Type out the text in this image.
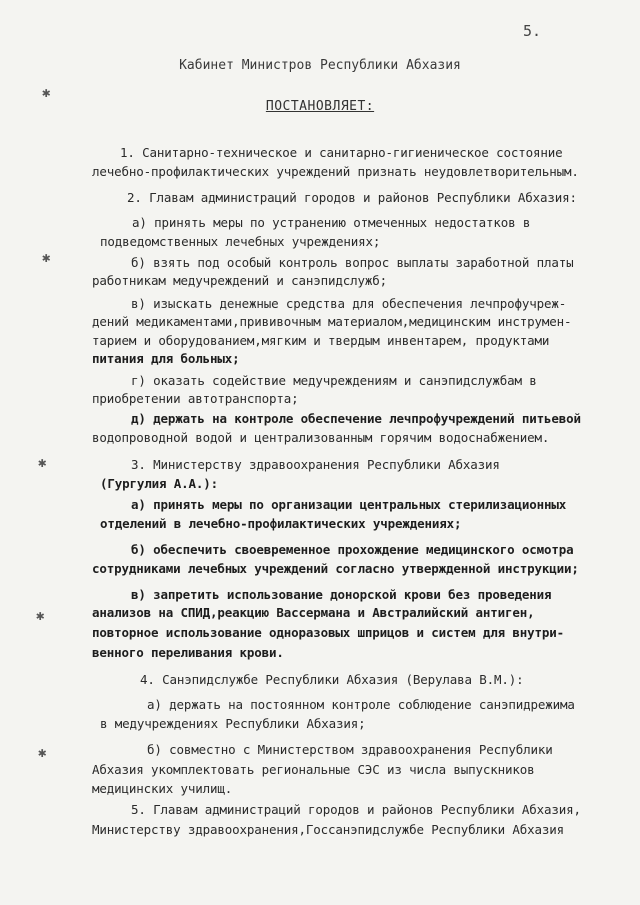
5.
Кабинет Министров Республики Абхазия
ПОСТАНОВЛЯЕТ:
✱
✱
✱
✱
✱
1. Санитарно-техническое и санитарно-гигиеническое состояние
лечебно-профилактических учреждений признать неудовлетворительным.
2. Главам администраций городов и районов Республики Абхазия:
а) принять меры по устранению отмеченных недостатков в
подведомственных лечебных учреждениях;
б) взять под особый контроль вопрос выплаты заработной платы
работникам медучреждений и санэпидслужб;
в) изыскать денежные средства для обеспечения лечпрофучреж-
дений медикаментами,прививочным материалом,медицинским инструмен-
тарием и оборудованием,мягким и твердым инвентарем, продуктами
питания для больных;
г) оказать содействие медучреждениям и санэпидслужбам в
приобретении автотранспорта;
д) держать на контроле обеспечение лечпрофучреждений питьевой
водопроводной водой и централизованным горячим водоснабжением.
3. Министерству здравоохранения Республики Абхазия
(Гургулия А.А.):
а) принять меры по организации центральных стерилизационных
отделений в лечебно-профилактических учреждениях;
б) обеспечить своевременное прохождение медицинского осмотра
сотрудниками лечебных учреждений согласно утвержденной инструкции;
в) запретить использование донорской крови без проведения
анализов на СПИД,реакцию Вассермана и Австралийский антиген,
повторное использование одноразовых шприцов и систем для внутри-
венного переливания крови.
4. Санэпидслужбе Республики Абхазия (Верулава В.М.):
а) держать на постоянном контроле соблюдение санэпидрежима
в медучреждениях Республики Абхазия;
б) совместно с Министерством здравоохранения Республики
Абхазия укомплектовать региональные СЭС из числа выпускников
медицинских училищ.
5. Главам администраций городов и районов Республики Абхазия,
Министерству здравоохранения,Госсанэпидслужбе Республики Абхазия
